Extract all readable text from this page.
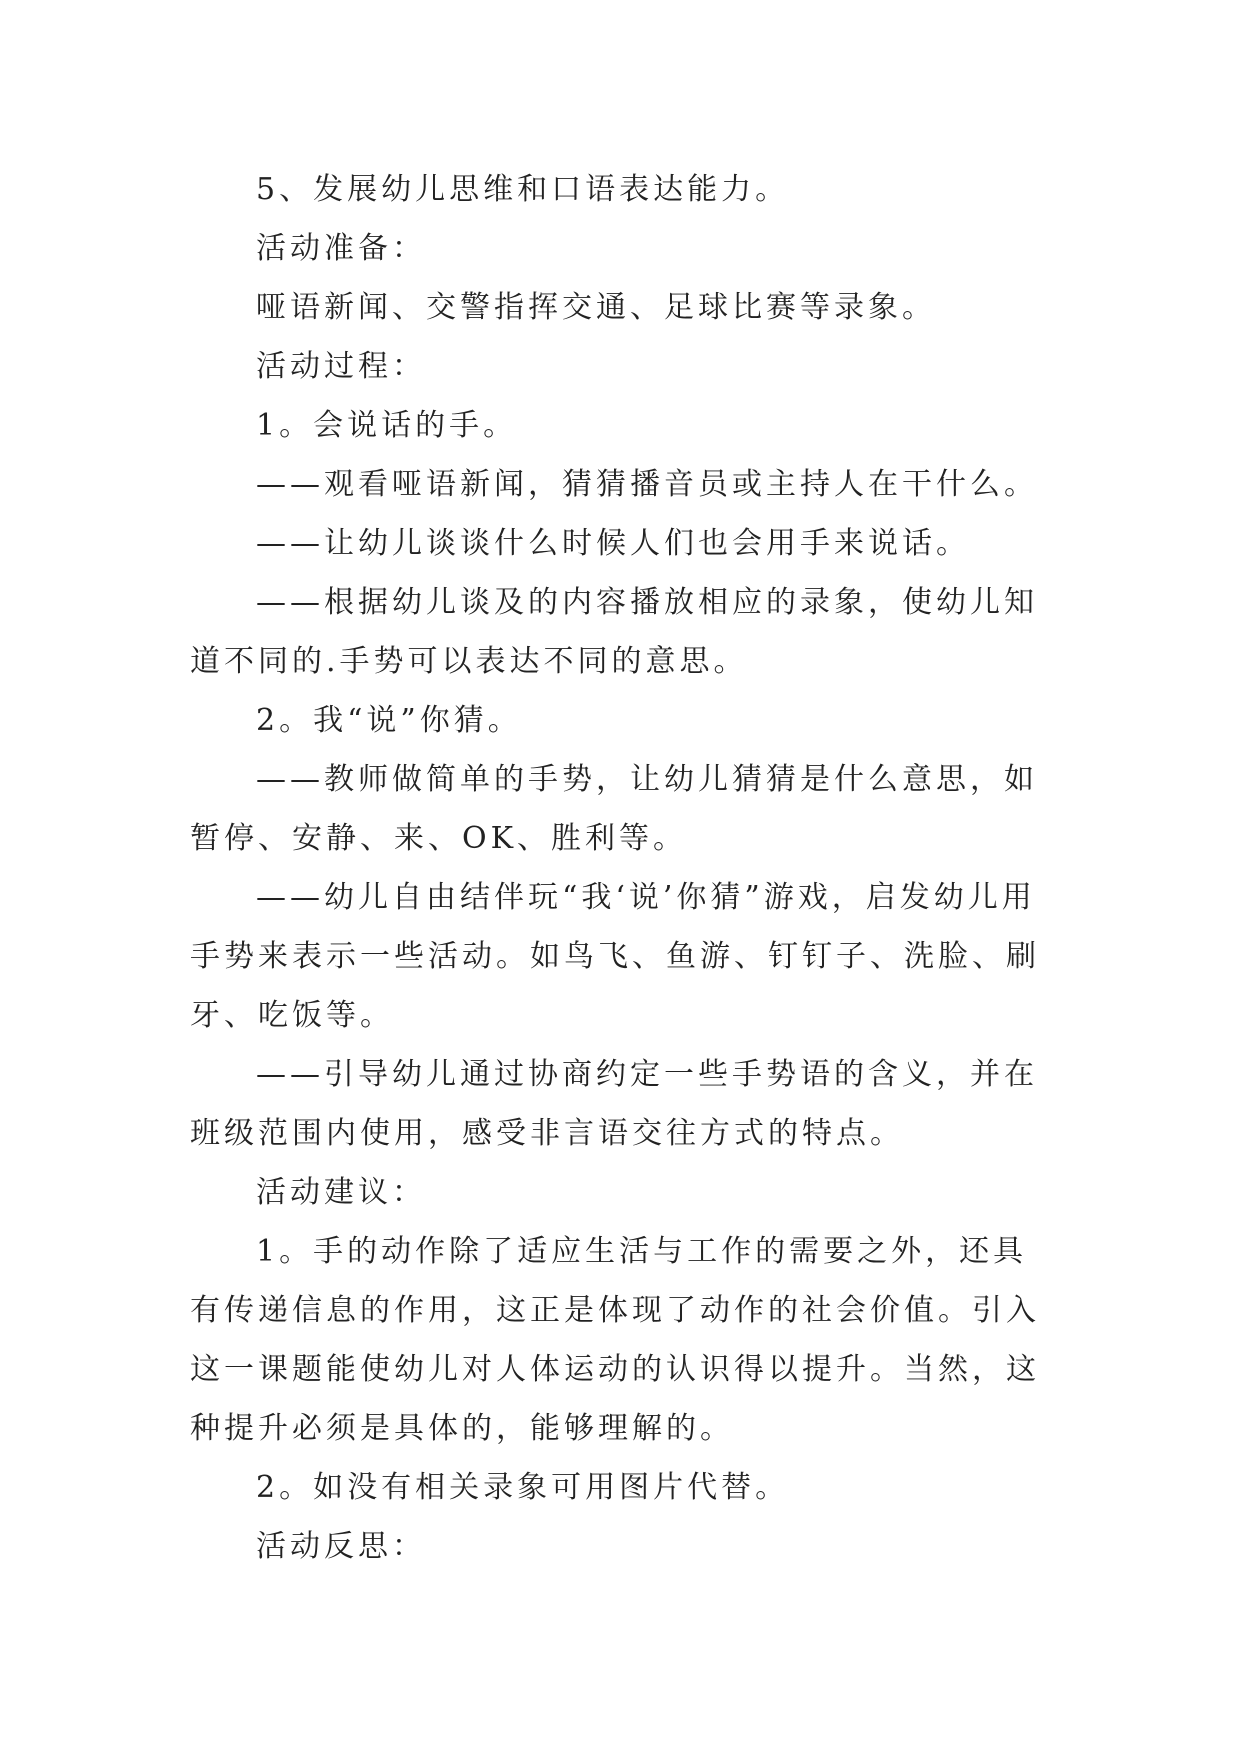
5、发展幼儿思维和口语表达能力。

活动准备：

哑语新闻、交警指挥交通、足球比赛等录象。

活动过程：

1。会说话的手。

——观看哑语新闻，猜猜播音员或主持人在干什么。

——让幼儿谈谈什么时候人们也会用手来说话。

——根据幼儿谈及的内容播放相应的录象，使幼儿知道不同的.手势可以表达不同的意思。

2。我“说”你猜。

——教师做简单的手势，让幼儿猜猜是什么意思，如暂停、安静、来、OK、胜利等。

——幼儿自由结伴玩“我‘说’你猜”游戏，启发幼儿用手势来表示一些活动。如鸟飞、鱼游、钉钉子、洗脸、刷牙、吃饭等。

——引导幼儿通过协商约定一些手势语的含义，并在班级范围内使用，感受非言语交往方式的特点。

活动建议：

1。手的动作除了适应生活与工作的需要之外，还具有传递信息的作用，这正是体现了动作的社会价值。引入这一课题能使幼儿对人体运动的认识得以提升。当然，这种提升必须是具体的，能够理解的。

2。如没有相关录象可用图片代替。

活动反思：
